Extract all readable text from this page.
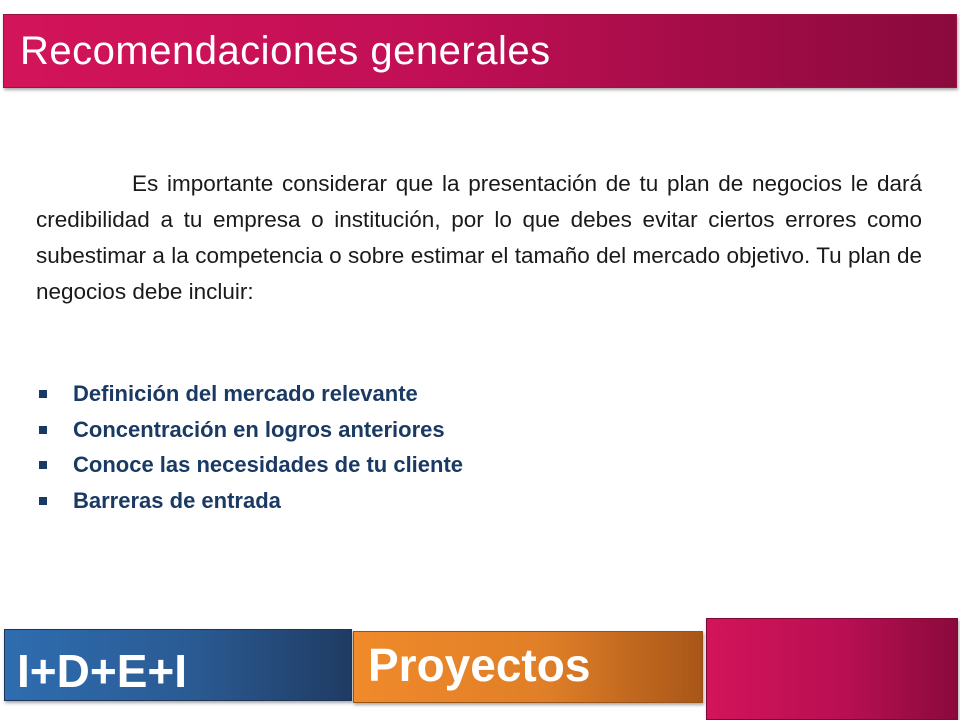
Recomendaciones generales

Es importante considerar que la presentación de tu plan de negocios le dará credibilidad a tu empresa o institución, por lo que debes evitar ciertos errores como subestimar a la competencia o sobre estimar el tamaño del mercado objetivo. Tu plan de negocios debe incluir:

Definición del mercado relevante
Concentración en logros anteriores
Conoce las necesidades de tu cliente
Barreras de entrada
I+D+E+I	Proyectos
